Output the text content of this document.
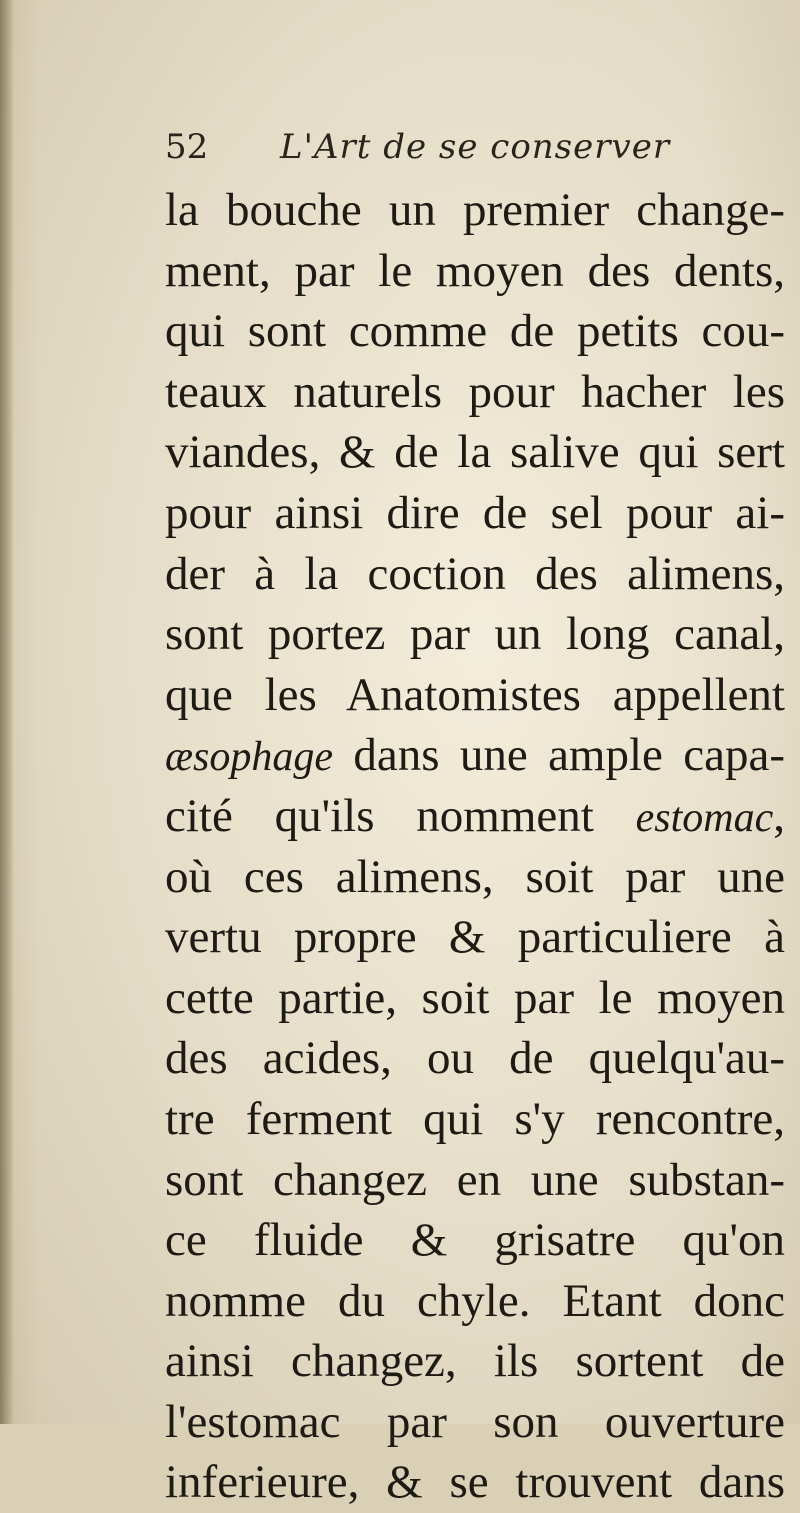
52 L'Art de se conserver
la bouche un premier change-
ment, par le moyen des dents,
qui sont comme de petits cou-
teaux naturels pour hacher les
viandes, & de la salive qui sert
pour ainsi dire de sel pour ai-
der à la coction des alimens,
sont portez par un long canal,
que les Anatomistes appellent
æsophage dans une ample capa-
cité qu'ils nomment estomac,
où ces alimens, soit par une
vertu propre & particuliere à
cette partie, soit par le moyen
des acides, ou de quelqu'au-
tre ferment qui s'y rencontre,
sont changez en une substan-
ce fluide & grisatre qu'on
nomme du chyle. Etant donc
ainsi changez, ils sortent de
l'estomac par son ouverture
inferieure, & se trouvent dans
